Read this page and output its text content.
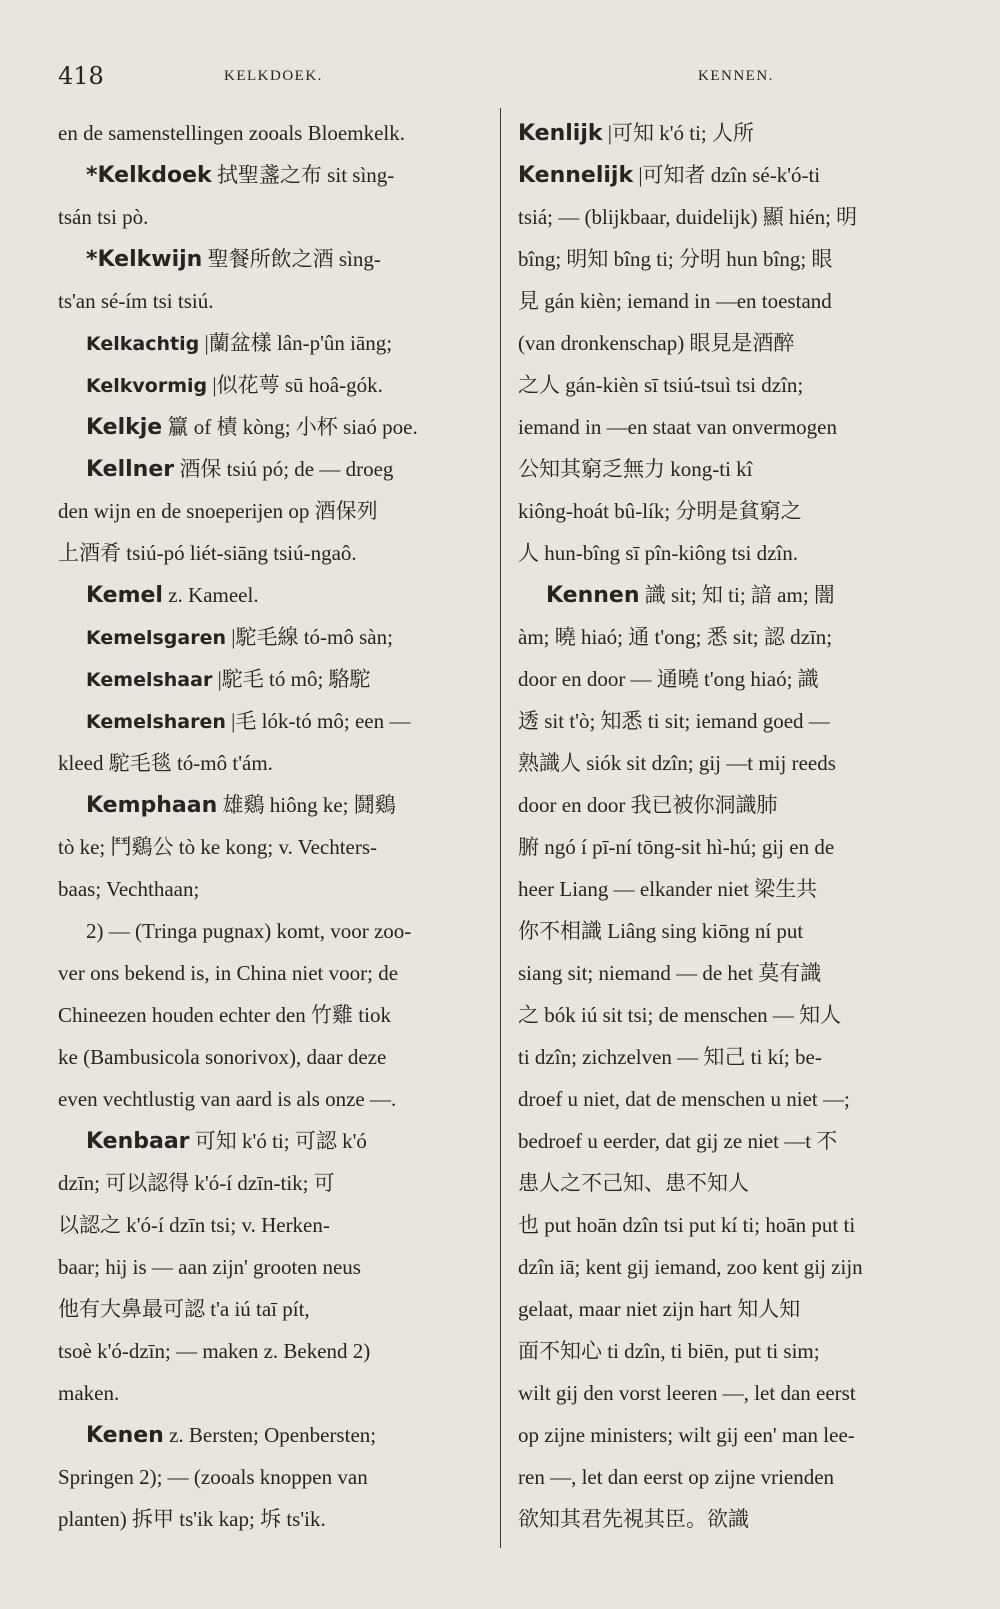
418	KELKDOEK.	KENNEN.
en de samenstellingen zooals Bloemkelk.
*Kelkdoek 拭聖盞之布 sit sìng-
tsán tsi pò.
*Kelkwijn 聖餐所飲之酒 sìng-
ts'an sé-ím tsi tsiú.
Kelkachtig |蘭盆樣 lân-p'ûn iāng;
Kelkvormig |似花萼 sū hoâ-gók.
Kelkje 籯 of 樍 kòng; 小杯 siaó poe.
Kellner 酒保 tsiú pó; de — droeg
den wijn en de snoeperijen op 酒保列
上酒肴 tsiú-pó liét-siāng tsiú-ngaô.
Kemel z. Kameel.
Kemelsgaren |駝毛線 tó-mô sàn;
Kemelshaar |駝毛 tó mô; 駱駝
Kemelsharen |毛 lók-tó mô; een —
kleed 駝毛毯 tó-mô t'ám.
Kemphaan 雄鷄 hiông ke; 鬪鷄
tò ke; 鬥鷄公 tò ke kong; v. Vechters-
baas; Vechthaan;
2) — (Tringa pugnax) komt, voor zoo-
ver ons bekend is, in China niet voor; de
Chineezen houden echter den 竹雞 tiok
ke (Bambusicola sonorivox), daar deze
even vechtlustig van aard is als onze —.
Kenbaar 可知 k'ó ti; 可認 k'ó
dzīn; 可以認得 k'ó-í dzīn-tik; 可
以認之 k'ó-í dzīn tsi; v. Herken-
baar; hij is — aan zijn' grooten neus
他有大鼻最可認 t'a iú taī pít,
tsoè k'ó-dzīn; — maken z. Bekend 2)
maken.
Kenen z. Bersten; Openbersten;
Springen 2); — (zooals knoppen van
planten) 拆甲 ts'ik kap; 坼 ts'ik.
Kenlijk |可知 k'ó ti; 人所
Kennelijk |可知者 dzîn sé-k'ó-ti
tsiá; — (blijkbaar, duidelijk) 顯 hién; 明
bîng; 明知 bîng ti; 分明 hun bîng; 眼
見 gán kièn; iemand in —en toestand
(van dronkenschap) 眼見是酒醉
之人 gán-kièn sī tsiú-tsuì tsi dzîn;
iemand in —en staat van onvermogen
公知其窮乏無力 kong-ti kî
kiông-hoát bû-lík; 分明是貧窮之
人 hun-bîng sī pîn-kiông tsi dzîn.
Kennen 識 sit; 知 ti; 諳 am; 闇
àm; 曉 hiaó; 通 t'ong; 悉 sit; 認 dzīn;
door en door — 通曉 t'ong hiaó; 識
透 sit t'ò; 知悉 ti sit; iemand goed —
熟識人 siók sit dzîn; gij —t mij reeds
door en door 我已被你洞識肺
腑 ngó í pī-ní tōng-sit hì-hú; gij en de
heer Liang — elkander niet 梁生共
你不相識 Liâng sing kiōng ní put
siang sit; niemand — de het 莫有識
之 bók iú sit tsi; de menschen — 知人
ti dzîn; zichzelven — 知己 ti kí; be-
droef u niet, dat de menschen u niet —;
bedroef u eerder, dat gij ze niet —t 不
患人之不己知、患不知人
也 put hoān dzîn tsi put kí ti; hoān put ti
dzîn iā; kent gij iemand, zoo kent gij zijn
gelaat, maar niet zijn hart 知人知
面不知心 ti dzîn, ti biēn, put ti sim;
wilt gij den vorst leeren —, let dan eerst
op zijne ministers; wilt gij een' man lee-
ren —, let dan eerst op zijne vrienden
欲知其君先視其臣。欲識
